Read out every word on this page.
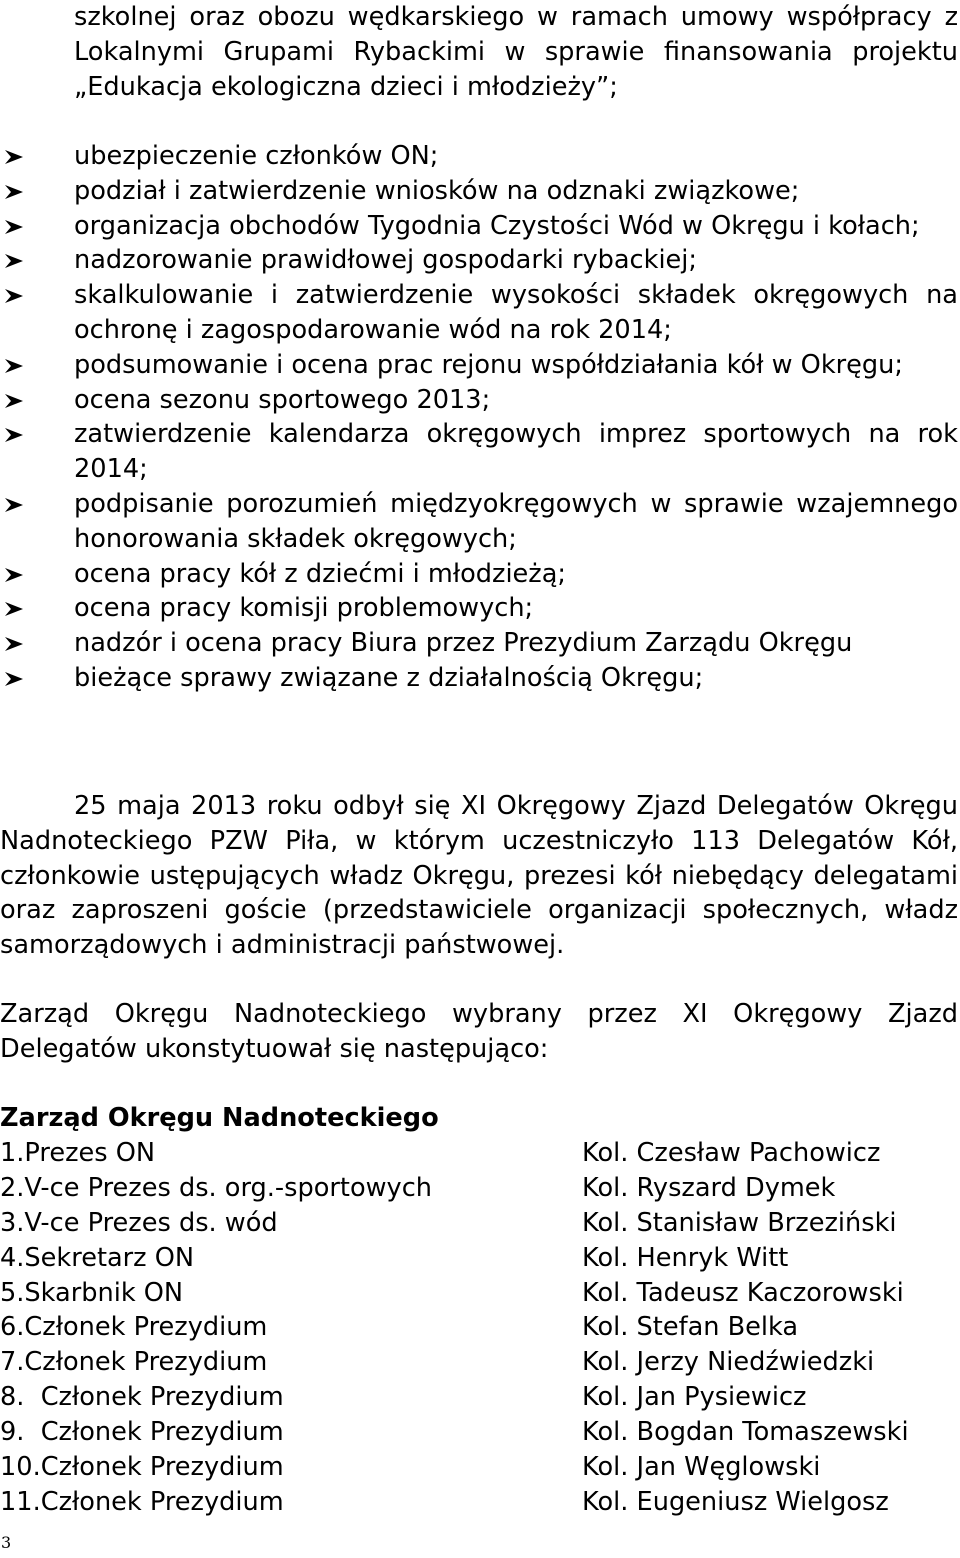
szkolnej oraz obozu wędkarskiego w ramach umowy współpracy z Lokalnymi Grupami Rybackimi w sprawie finansowania projektu „Edukacja ekologiczna dzieci i młodzieży”;

ubezpieczenie członków ON;
podział i zatwierdzenie wniosków na odznaki związkowe;
organizacja obchodów Tygodnia Czystości Wód w Okręgu i kołach;
nadzorowanie prawidłowej gospodarki rybackiej;
skalkulowanie i zatwierdzenie wysokości składek okręgowych na ochronę i zagospodarowanie wód na rok 2014;
podsumowanie i ocena prac rejonu współdziałania kół w Okręgu;
ocena sezonu sportowego 2013;
zatwierdzenie kalendarza okręgowych imprez sportowych na rok 2014;
podpisanie porozumień międzyokręgowych w sprawie wzajemnego honorowania składek okręgowych;
ocena pracy kół z dziećmi i młodzieżą;
ocena pracy komisji problemowych;
nadzór i ocena pracy Biura przez Prezydium Zarządu Okręgu
bieżące sprawy związane z działalnością Okręgu;

25 maja 2013 roku odbył się XI Okręgowy Zjazd Delegatów Okręgu Nadnoteckiego PZW Piła, w którym uczestniczyło 113 Delegatów Kół, członkowie ustępujących władz Okręgu, prezesi kół niebędący delegatami oraz zaproszeni goście (przedstawiciele organizacji społecznych, władz samorządowych i administracji państwowej.

Zarząd Okręgu Nadnoteckiego wybrany przez XI Okręgowy Zjazd Delegatów ukonstytuował się następująco:

Zarząd Okręgu Nadnoteckiego
1.Prezes ON	Kol. Czesław Pachowicz
2.V-ce Prezes ds. org.-sportowych	Kol. Ryszard Dymek
3.V-ce Prezes ds. wód	Kol. Stanisław Brzeziński
4.Sekretarz ON	Kol. Henryk Witt
5.Skarbnik ON	Kol. Tadeusz Kaczorowski
6.Członek Prezydium	Kol. Stefan Belka
7.Członek Prezydium	Kol. Jerzy Niedźwiedzki
8.  Członek Prezydium	Kol. Jan Pysiewicz
9.  Członek Prezydium	Kol. Bogdan Tomaszewski
10.Członek Prezydium	Kol. Jan Węglowski
11.Członek Prezydium	Kol. Eugeniusz Wielgosz
3
